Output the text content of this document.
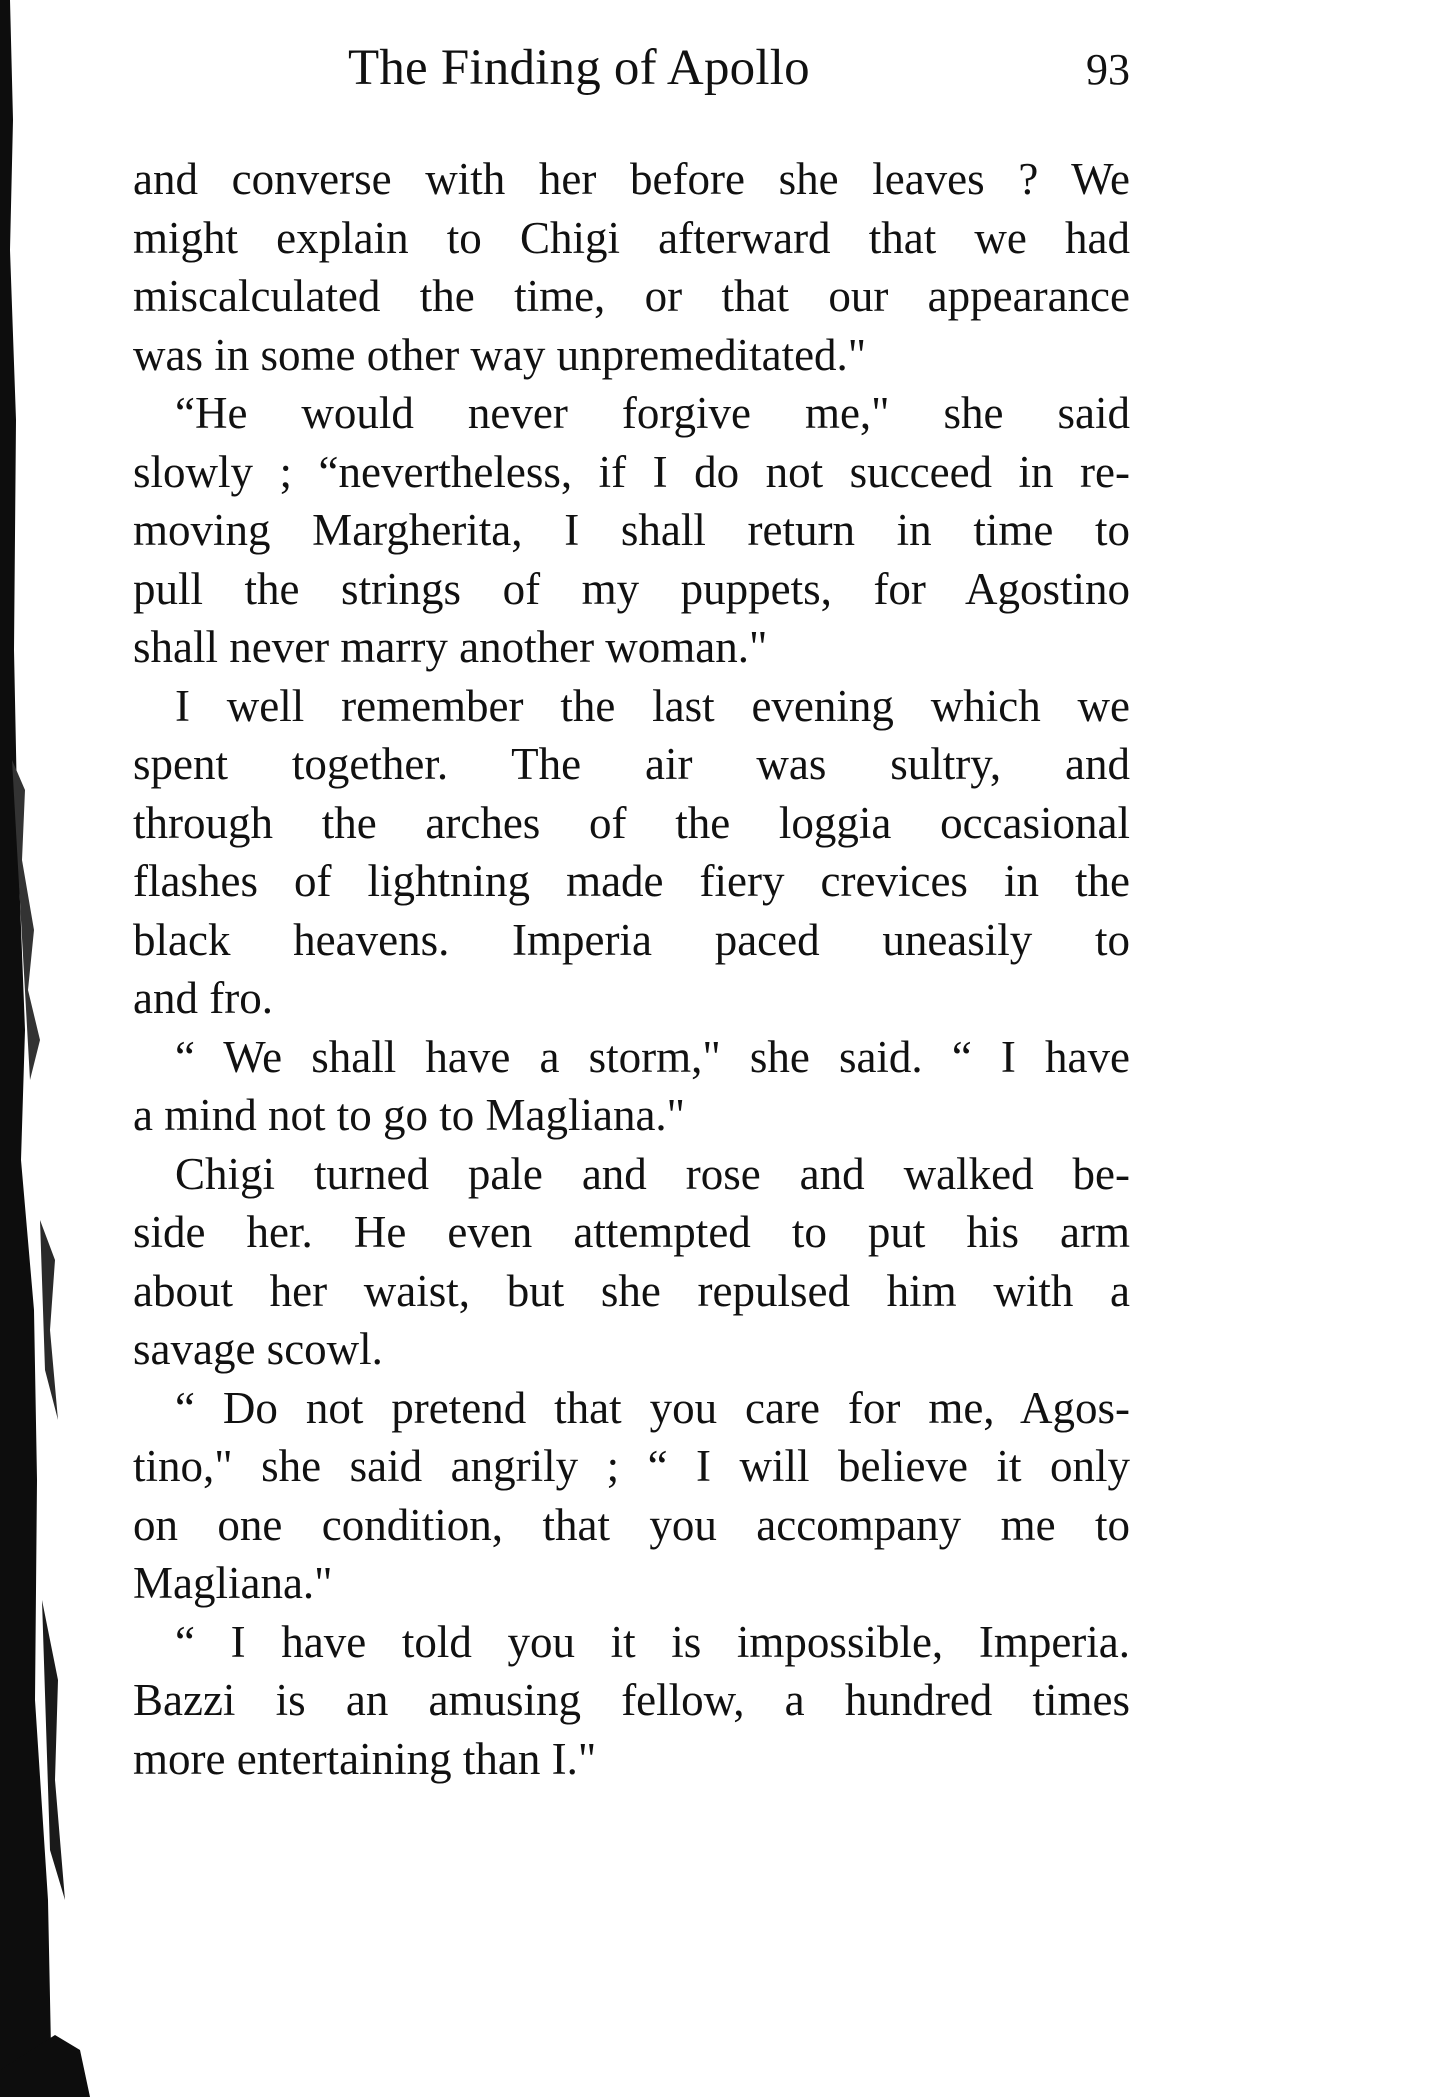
The Finding of Apollo	93
and converse with her before she leaves ? We
might explain to Chigi afterward that we had
miscalculated the time, or that our appearance
was in some other way unpremeditated."
“He would never forgive me," she said
slowly ; “nevertheless, if I do not succeed in re-
moving Margherita, I shall return in time to
pull the strings of my puppets, for Agostino
shall never marry another woman."
I well remember the last evening which we
spent together. The air was sultry, and
through the arches of the loggia occasional
flashes of lightning made fiery crevices in the
black heavens. Imperia paced uneasily to
and fro.
“ We shall have a storm," she said. “ I have
a mind not to go to Magliana."
Chigi turned pale and rose and walked be-
side her. He even attempted to put his arm
about her waist, but she repulsed him with a
savage scowl.
“ Do not pretend that you care for me, Agos-
tino," she said angrily ; “ I will believe it only
on one condition, that you accompany me to
Magliana."
“ I have told you it is impossible, Imperia.
Bazzi is an amusing fellow, a hundred times
more entertaining than I."
